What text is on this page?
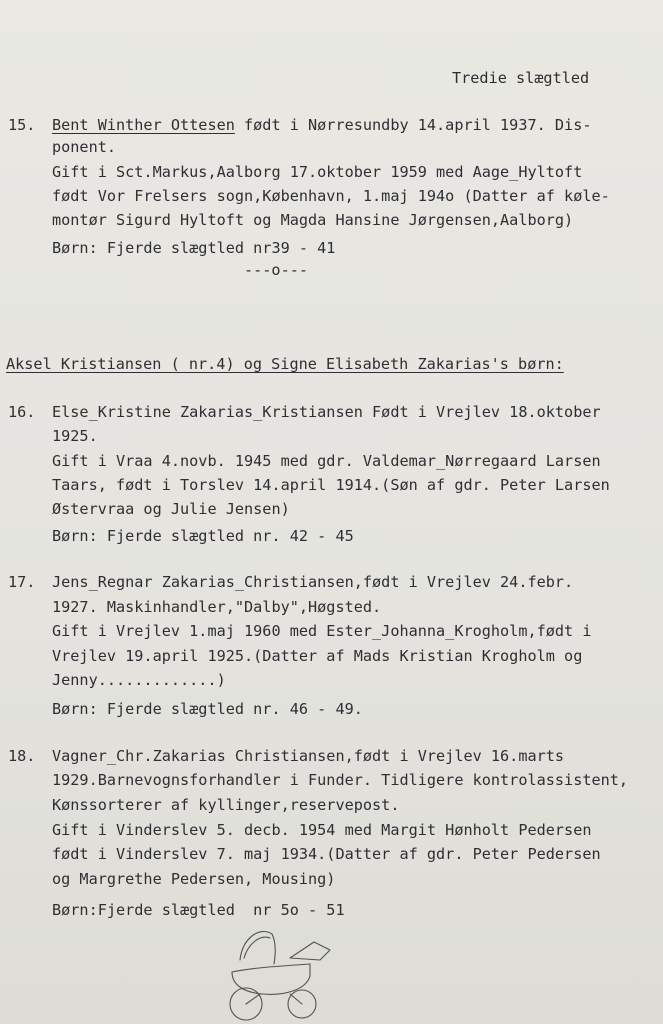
Tredie slægtled
15. Bent_Winther_Ottesen født i Nørresundby 14.april 1937. Dis-
ponent.
Gift i Sct.Markus,Aalborg 17.oktober 1959 med Aage_Hyltoft
født Vor Frelsers sogn,København, 1.maj 194o (Datter af køle-
montør Sigurd Hyltoft og Magda Hansine Jørgensen,Aalborg)
Børn: Fjerde slægtled nr39 - 41
---o---
Aksel Kristiansen ( nr.4) og Signe_Elisabeth_Zakarias's børn:
16. Else_Kristine Zakarias_Kristiansen Født i Vrejlev 18.oktober
1925.
Gift i Vraa 4.novb. 1945 med gdr. Valdemar_Nørregaard Larsen
Taars, født i Torslev 14.april 1914.(Søn af gdr. Peter Larsen
Østervraa og Julie Jensen)
Børn: Fjerde slægtled nr. 42 - 45
17. Jens_Regnar Zakarias_Christiansen,født i Vrejlev 24.febr.
1927. Maskinhandler,"Dalby",Høgsted.
Gift i Vrejlev 1.maj 1960 med Ester_Johanna_Krogholm,født i
Vrejlev 19.april 1925.(Datter af Mads Kristian Krogholm og
Jenny.............)
Børn: Fjerde slægtled nr. 46 - 49.
18. Vagner_Chr.Zakarias Christiansen,født i Vrejlev 16.marts
1929.Barnevognsforhandler i Funder. Tidligere kontrolassistent,
Kønssorterer af kyllinger,reservepost.
Gift i Vinderslev 5. decb. 1954 med Margit Hønholt Pedersen
født i Vinderslev 7. maj 1934.(Datter af gdr. Peter Pedersen
og Margrethe Pedersen, Mousing)
Børn:Fjerde slægtled  nr 5o - 51
